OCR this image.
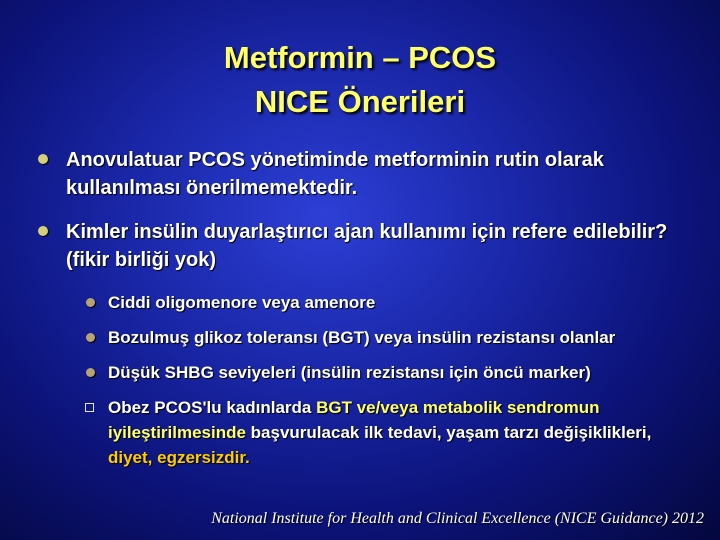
Metformin – PCOS
NICE Önerileri
Anovulatuar PCOS yönetiminde metforminin rutin olarak kullanılması önerilmemektedir.
Kimler insülin duyarlaştırıcı ajan kullanımı için refere edilebilir? (fikir birliği yok)
Ciddi oligomenore veya amenore
Bozulmuş glikoz toleransı (BGT) veya insülin rezistansı olanlar
Düşük SHBG seviyeleri (insülin rezistansı için öncü marker)
Obez PCOS'lu kadınlarda BGT ve/veya metabolik sendromun iyileştirilmesinde başvurulacak ilk tedavi, yaşam tarzı değişiklikleri, diyet, egzersizdir.
National Institute for Health and Clinical Excellence (NICE Guidance) 2012
